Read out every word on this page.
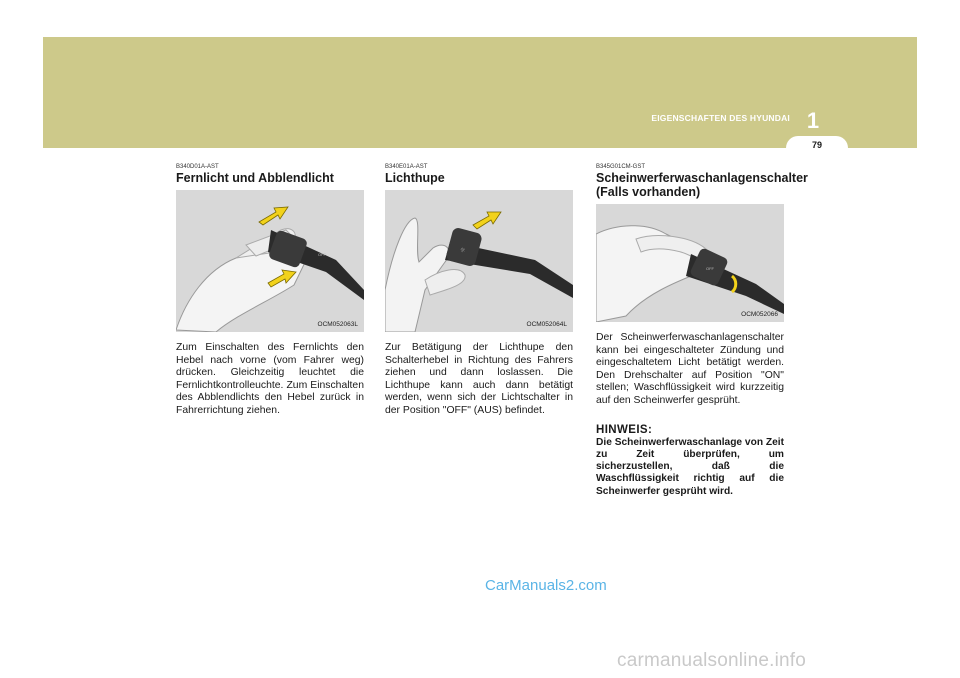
EIGENSCHAFTEN DES HYUNDAI 1
79
B340D01A-AST
Fernlicht und Abblendlicht
OFF
OCM052063L
Zum Einschalten des Fernlichts den Hebel nach vorne (vom Fahrer weg) drücken. Gleichzeitig leuchtet die Fernlichtkontrolleuchte. Zum Einschalten des Abblendlichts den Hebel zurück in Fahrerrichtung ziehen.
B340E01A-AST
Lichthupe
☼
OCM052064L
Zur Betätigung der Lichthupe den Schalterhebel in Richtung des Fahrers ziehen und dann loslassen. Die Lichthupe kann auch dann betätigt werden, wenn sich der Lichtschalter in der Position "OFF" (AUS) befindet.
B345G01CM-GST
Scheinwerferwaschanlagenschalter (Falls vorhanden)
OFF
OCM052066
Der Scheinwerferwaschanlagenschalter kann bei eingeschalteter Zündung und eingeschaltetem Licht betätigt werden. Den Drehschalter auf Position "ON" stellen; Waschflüssigkeit wird kurzzeitig auf den Scheinwerfer gesprüht.
HINWEIS:
Die Scheinwerferwaschanlage von Zeit zu Zeit überprüfen, um sicherzustellen, daß die Waschflüssigkeit richtig auf die Scheinwerfer gesprüht wird.
CarManuals2.com
carmanualsonline.info
